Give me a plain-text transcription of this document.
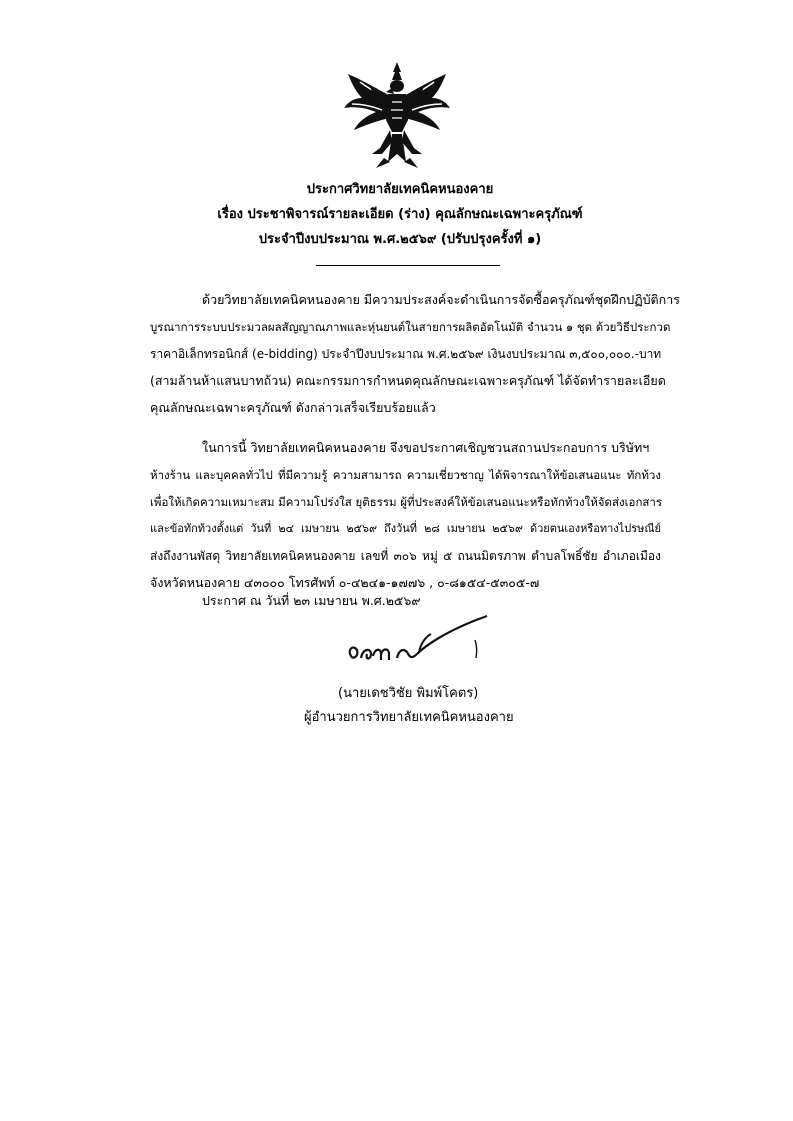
ประกาศวิทยาลัยเทคนิคหนองคาย
เรื่อง ประชาพิจารณ์รายละเอียด (ร่าง) คุณลักษณะเฉพาะครุภัณฑ์
ประจำปีงบประมาณ พ.ศ.๒๕๖๙ (ปรับปรุงครั้งที่ ๑)
ด้วยวิทยาลัยเทคนิคหนองคาย มีความประสงค์จะดำเนินการจัดซื้อครุภัณฑ์ชุดฝึกปฏิบัติการ
บูรณาการระบบประมวลผลสัญญาณภาพและหุ่นยนต์ในสายการผลิตอัตโนมัติ จำนวน ๑ ชุด ด้วยวิธีประกวด
ราคาอิเล็กทรอนิกส์ (e-bidding) ประจำปีงบประมาณ พ.ศ.๒๕๖๙ เงินงบประมาณ ๓,๕๐๐,๐๐๐.-บาท
(สามล้านห้าแสนบาทถ้วน) คณะกรรมการกำหนดคุณลักษณะเฉพาะครุภัณฑ์ ได้จัดทำรายละเอียด
คุณลักษณะเฉพาะครุภัณฑ์ ดังกล่าวเสร็จเรียบร้อยแล้ว
ในการนี้ วิทยาลัยเทคนิคหนองคาย จึงขอประกาศเชิญชวนสถานประกอบการ บริษัทฯ
ห้างร้าน และบุคคลทั่วไป ที่มีความรู้ ความสามารถ ความเชี่ยวชาญ ได้พิจารณาให้ข้อเสนอแนะ ทักท้วง
เพื่อให้เกิดความเหมาะสม มีความโปร่งใส ยุติธรรม ผู้ที่ประสงค์ให้ข้อเสนอแนะหรือทักท้วงให้จัดส่งเอกสาร
และข้อทักท้วงตั้งแต่ วันที่ ๒๔ เมษายน ๒๕๖๙ ถึงวันที่ ๒๘ เมษายน ๒๕๖๙ ด้วยตนเองหรือทางไปรษณีย์
ส่งถึงงานพัสดุ วิทยาลัยเทคนิคหนองคาย เลขที่ ๓๐๖ หมู่ ๕ ถนนมิตรภาพ ตำบลโพธิ์ชัย อำเภอเมือง
จังหวัดหนองคาย ๔๓๐๐๐ โทรศัพท์ ๐-๔๒๔๑-๑๗๗๖ , ๐-๘๑๕๔-๕๓๐๕-๗
ประกาศ ณ วันที่ ๒๓ เมษายน พ.ศ.๒๕๖๙
(นายเดชวิชัย พิมพ์โคตร)
ผู้อำนวยการวิทยาลัยเทคนิคหนองคาย
